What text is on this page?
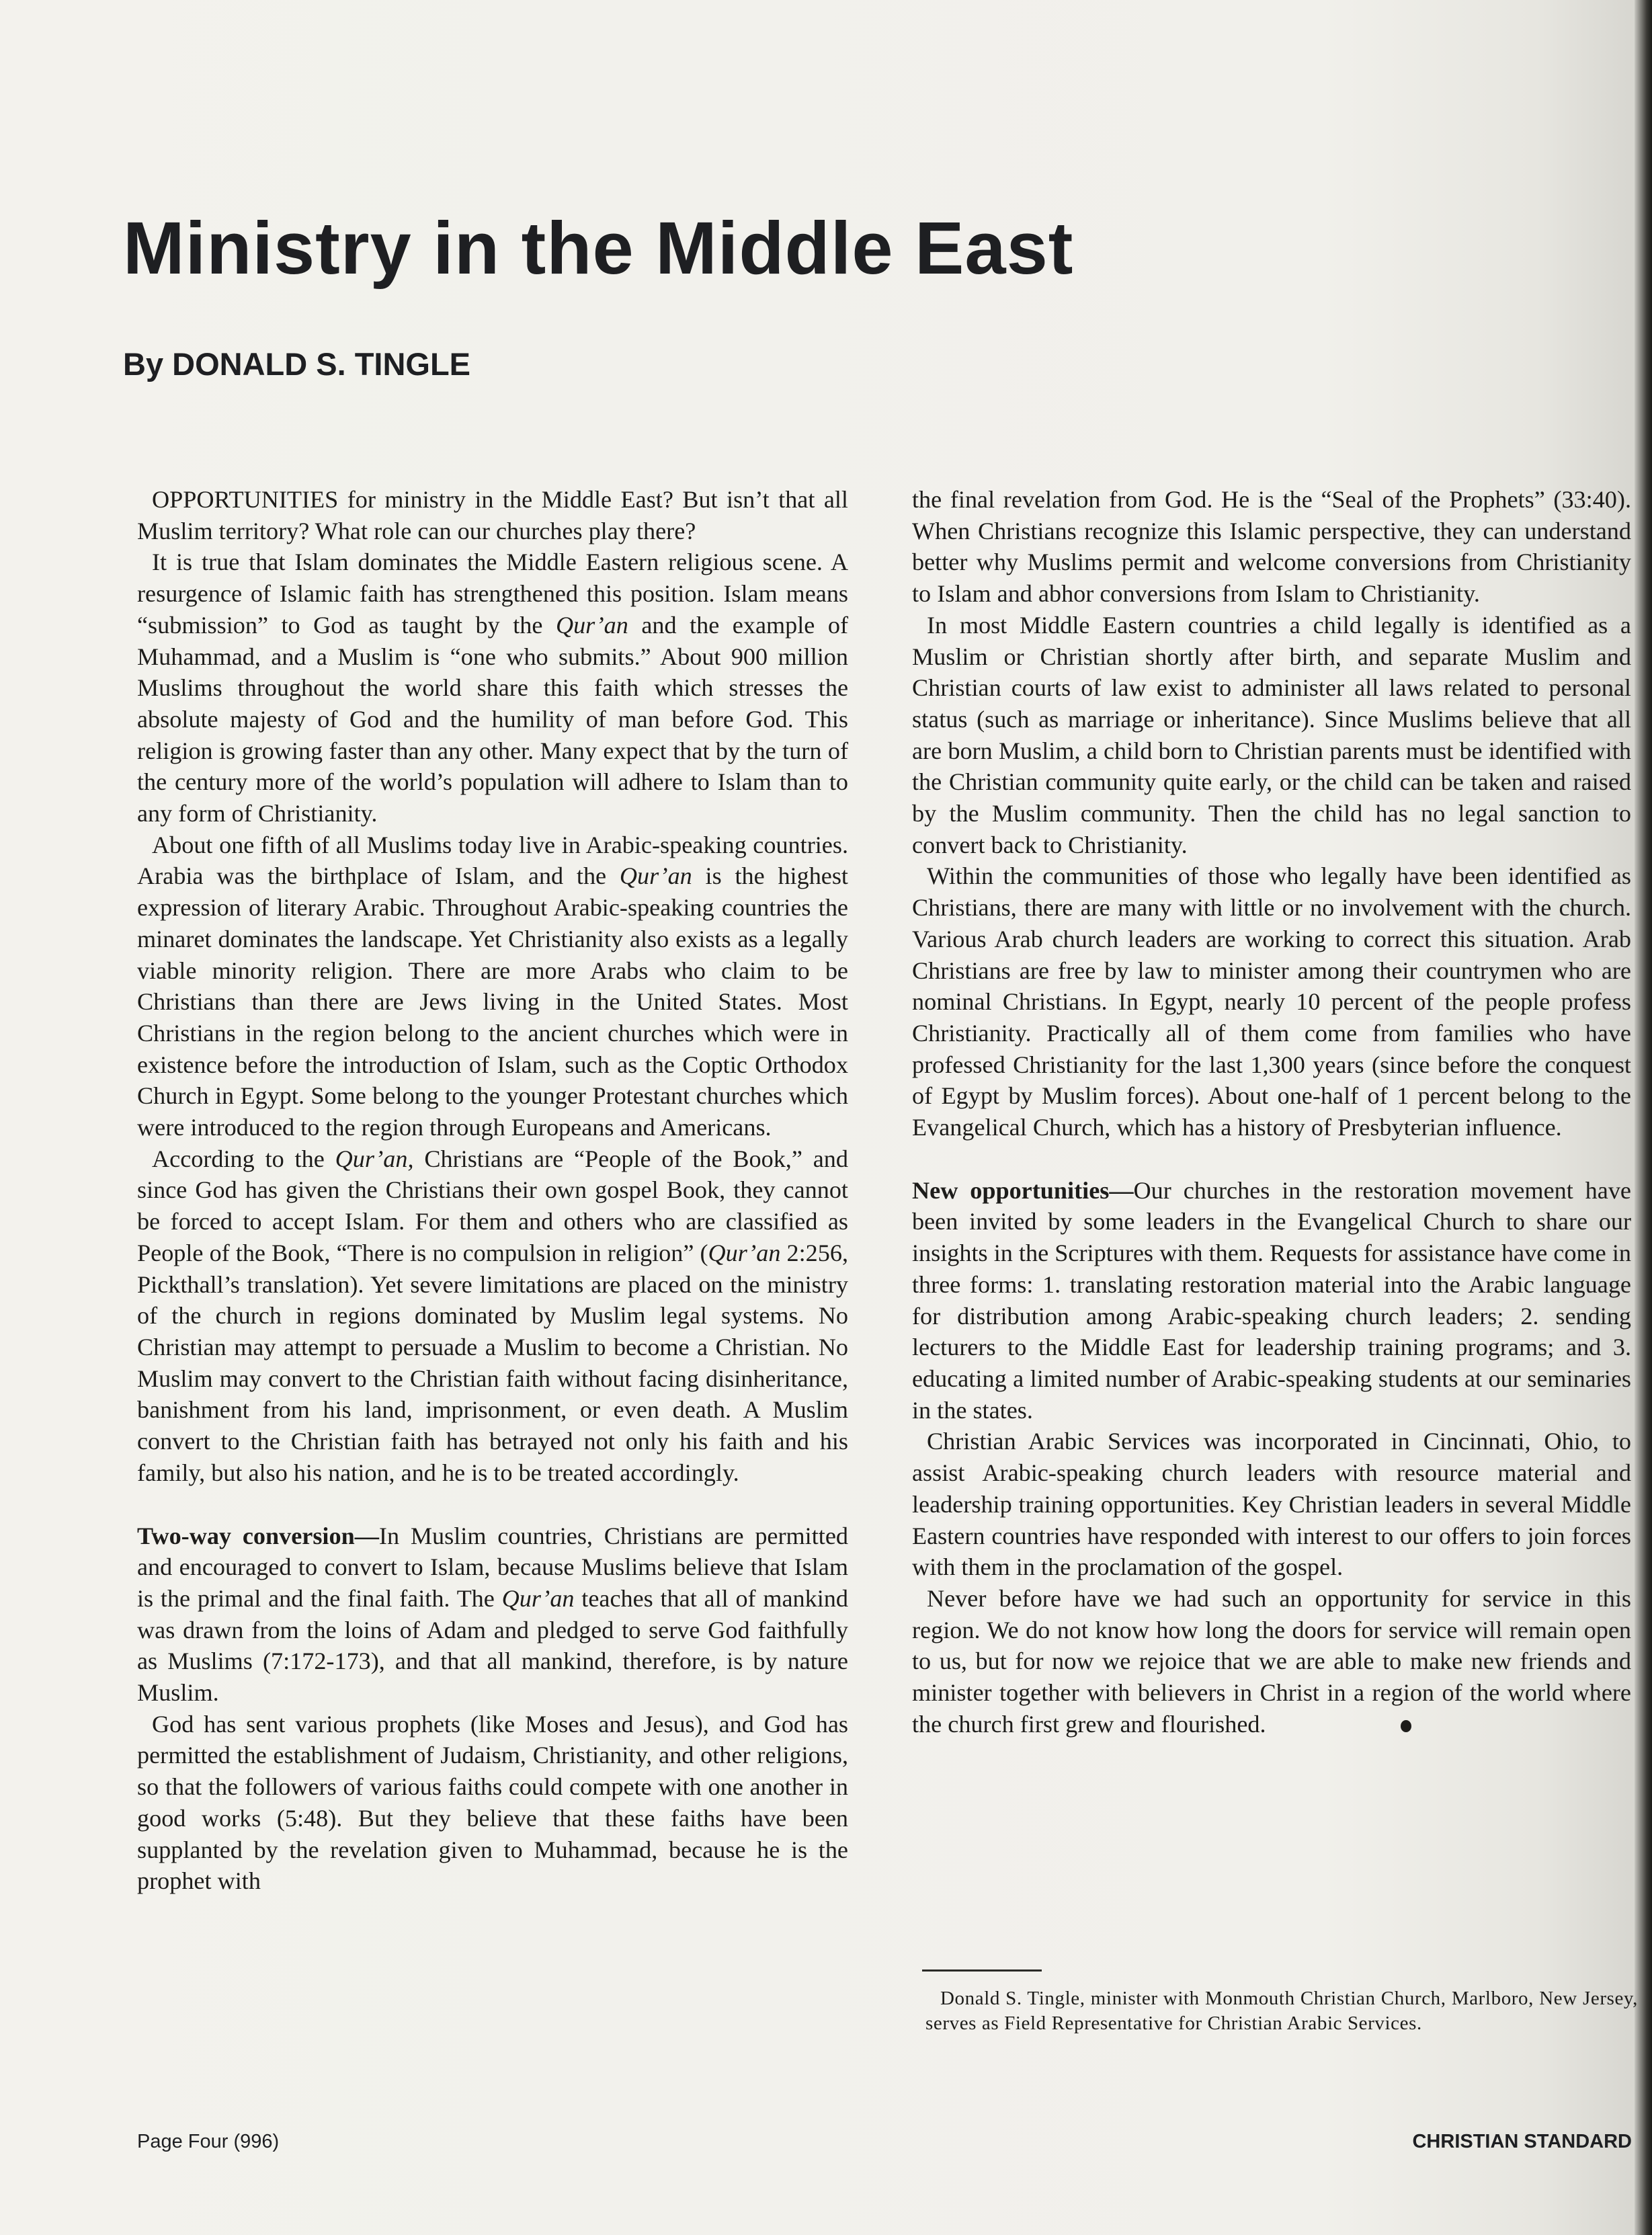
Ministry in the Middle East
By DONALD S. TINGLE

OPPORTUNITIES for ministry in the Middle East? But isn’t that all Muslim territory? What role can our churches play there?

It is true that Islam dominates the Middle Eastern religious scene. A resurgence of Islamic faith has strengthened this position. Islam means “submission” to God as taught by the Qur’an and the example of Muhammad, and a Muslim is “one who submits.” About 900 million Muslims throughout the world share this faith which stresses the absolute majesty of God and the humility of man before God. This religion is growing faster than any other. Many expect that by the turn of the century more of the world’s population will adhere to Islam than to any form of Christianity.

About one fifth of all Muslims today live in Arabic-speaking countries. Arabia was the birthplace of Islam, and the Qur’an is the highest expression of literary Arabic. Throughout Arabic-speaking countries the minaret dominates the landscape. Yet Christianity also exists as a legally viable minority religion. There are more Arabs who claim to be Christians than there are Jews living in the United States. Most Christians in the region belong to the ancient churches which were in existence before the introduction of Islam, such as the Coptic Orthodox Church in Egypt. Some belong to the younger Protestant churches which were introduced to the region through Europeans and Americans.

According to the Qur’an, Christians are “People of the Book,” and since God has given the Christians their own gospel Book, they cannot be forced to accept Islam. For them and others who are classified as People of the Book, “There is no compulsion in religion” (Qur’an 2:256, Pickthall’s translation). Yet severe limitations are placed on the ministry of the church in regions dominated by Muslim legal systems. No Christian may attempt to persuade a Muslim to become a Christian. No Muslim may convert to the Christian faith without facing disinheritance, banishment from his land, imprisonment, or even death. A Muslim convert to the Christian faith has betrayed not only his faith and his family, but also his nation, and he is to be treated accordingly.

Two-way conversion—In Muslim countries, Christians are permitted and encouraged to convert to Islam, because Muslims believe that Islam is the primal and the final faith. The Qur’an teaches that all of mankind was drawn from the loins of Adam and pledged to serve God faithfully as Muslims (7:172-173), and that all mankind, therefore, is by nature Muslim.

God has sent various prophets (like Moses and Jesus), and God has permitted the establishment of Judaism, Christianity, and other religions, so that the followers of various faiths could compete with one another in good works (5:48). But they believe that these faiths have been supplanted by the revelation given to Muhammad, because he is the prophet with

the final revelation from God. He is the “Seal of the Prophets” (33:40). When Christians recognize this Islamic perspective, they can understand better why Muslims permit and welcome conversions from Christianity to Islam and abhor conversions from Islam to Christianity.

In most Middle Eastern countries a child legally is identified as a Muslim or Christian shortly after birth, and separate Muslim and Christian courts of law exist to administer all laws related to personal status (such as marriage or inheritance). Since Muslims believe that all are born Muslim, a child born to Christian parents must be identified with the Christian community quite early, or the child can be taken and raised by the Muslim community. Then the child has no legal sanction to convert back to Christianity.

Within the communities of those who legally have been identified as Christians, there are many with little or no involvement with the church. Various Arab church leaders are working to correct this situation. Arab Christians are free by law to minister among their countrymen who are nominal Christians. In Egypt, nearly 10 percent of the people profess Christianity. Practically all of them come from families who have professed Christianity for the last 1,300 years (since before the conquest of Egypt by Muslim forces). About one-half of 1 percent belong to the Evangelical Church, which has a history of Presbyterian influence.

New opportunities—Our churches in the restoration movement have been invited by some leaders in the Evangelical Church to share our insights in the Scriptures with them. Requests for assistance have come in three forms: 1. translating restoration material into the Arabic language for distribution among Arabic-speaking church leaders; 2. sending lecturers to the Middle East for leadership training programs; and 3. educating a limited number of Arabic-speaking students at our seminaries in the states.

Christian Arabic Services was incorporated in Cincinnati, Ohio, to assist Arabic-speaking church leaders with resource material and leadership training opportunities. Key Christian leaders in several Middle Eastern countries have responded with interest to our offers to join forces with them in the proclamation of the gospel.

Never before have we had such an opportunity for service in this region. We do not know how long the doors for service will remain open to us, but for now we rejoice that we are able to make new friends and minister together with believers in Christ in a region of the world where the church first grew and flourished.

Donald S. Tingle, minister with Monmouth Christian Church, Marlboro, New Jersey, serves as Field Representative for Christian Arabic Services.

Page Four (996)	CHRISTIAN STANDARD
